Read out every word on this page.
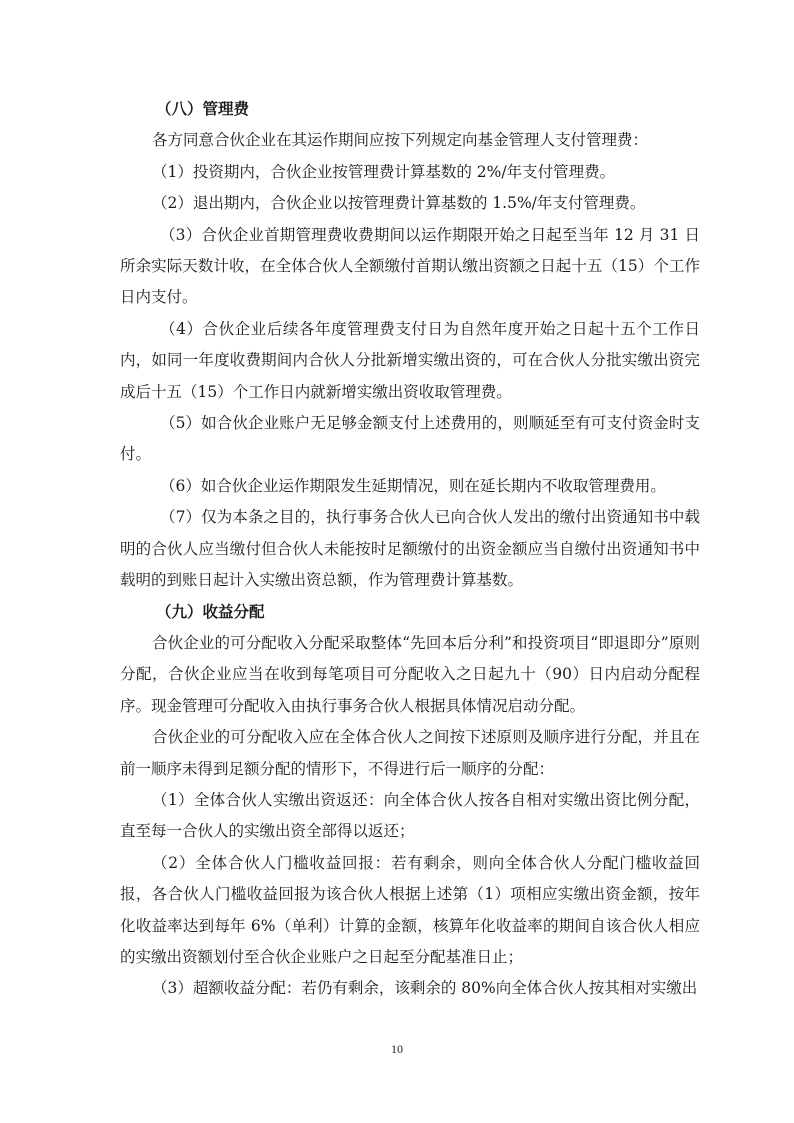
（八）管理费

各方同意合伙企业在其运作期间应按下列规定向基金管理人支付管理费：

（1）投资期内，合伙企业按管理费计算基数的 2%/年支付管理费。

（2）退出期内，合伙企业以按管理费计算基数的 1.5%/年支付管理费。

（3）合伙企业首期管理费收费期间以运作期限开始之日起至当年 12 月 31 日所余实际天数计收，在全体合伙人全额缴付首期认缴出资额之日起十五（15）个工作日内支付。

（4）合伙企业后续各年度管理费支付日为自然年度开始之日起十五个工作日内，如同一年度收费期间内合伙人分批新增实缴出资的，可在合伙人分批实缴出资完成后十五（15）个工作日内就新增实缴出资收取管理费。

（5）如合伙企业账户无足够金额支付上述费用的，则顺延至有可支付资金时支付。

（6）如合伙企业运作期限发生延期情况，则在延长期内不收取管理费用。

（7）仅为本条之目的，执行事务合伙人已向合伙人发出的缴付出资通知书中载明的合伙人应当缴付但合伙人未能按时足额缴付的出资金额应当自缴付出资通知书中载明的到账日起计入实缴出资总额，作为管理费计算基数。

（九）收益分配

合伙企业的可分配收入分配采取整体“先回本后分利”和投资项目“即退即分”原则分配，合伙企业应当在收到每笔项目可分配收入之日起九十（90）日内启动分配程序。现金管理可分配收入由执行事务合伙人根据具体情况启动分配。

合伙企业的可分配收入应在全体合伙人之间按下述原则及顺序进行分配，并且在前一顺序未得到足额分配的情形下，不得进行后一顺序的分配：

（1）全体合伙人实缴出资返还：向全体合伙人按各自相对实缴出资比例分配，直至每一合伙人的实缴出资全部得以返还；

（2）全体合伙人门槛收益回报：若有剩余，则向全体合伙人分配门槛收益回报，各合伙人门槛收益回报为该合伙人根据上述第（1）项相应实缴出资金额，按年化收益率达到每年 6%（单利）计算的金额，核算年化收益率的期间自该合伙人相应的实缴出资额划付至合伙企业账户之日起至分配基准日止；

（3）超额收益分配：若仍有剩余，该剩余的 80%向全体合伙人按其相对实缴出

10
